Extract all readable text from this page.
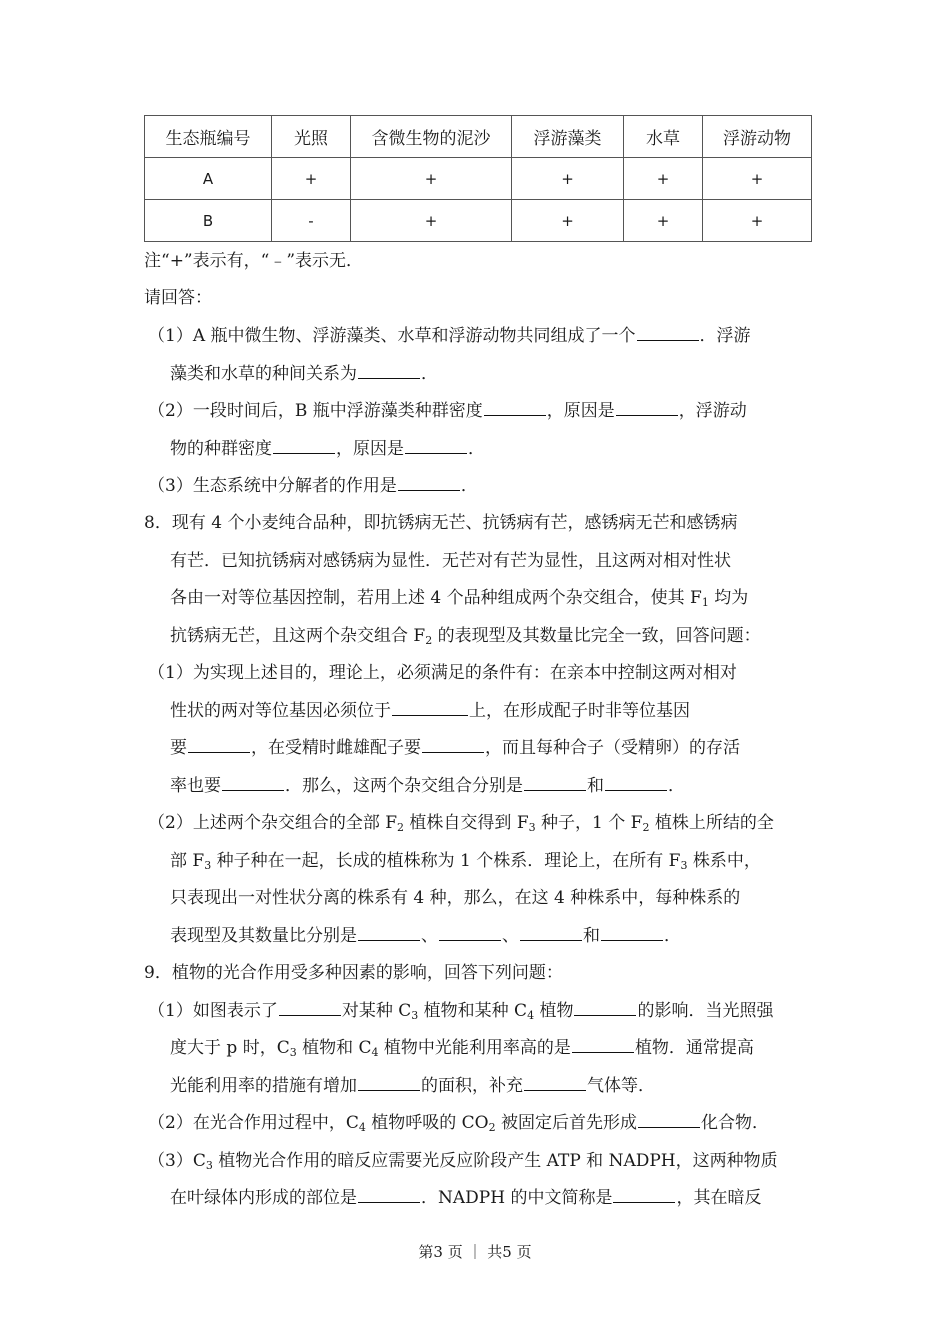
生态瓶编号	光照	含微生物的泥沙	浮游藻类	水草	浮游动物
A	+	+	+	+	+
B	-	+	+	+	+
注“+”表示有，“﹣”表示无．
请回答：
（1）A 瓶中微生物、浮游藻类、水草和浮游动物共同组成了一个	．浮游
藻类和水草的种间关系为	．
（2）一段时间后，B 瓶中浮游藻类种群密度	，原因是	，浮游动
物的种群密度	，原因是	．
（3）生态系统中分解者的作用是	．
8．现有 4 个小麦纯合品种，即抗锈病无芒、抗锈病有芒，感锈病无芒和感锈病
有芒．已知抗锈病对感锈病为显性．无芒对有芒为显性，且这两对相对性状
各由一对等位基因控制，若用上述 4 个品种组成两个杂交组合，使其 $F_1$ 均为
抗锈病无芒，且这两个杂交组合 $F_2$ 的表现型及其数量比完全一致，回答问题：
（1）为实现上述目的，理论上，必须满足的条件有：在亲本中控制这两对相对
性状的两对等位基因必须位于	上，在形成配子时非等位基因
要	，在受精时雌雄配子要	，而且每种合子（受精卵）的存活
率也要	．那么，这两个杂交组合分别是	和	．
（2）上述两个杂交组合的全部 $F_2$ 植株自交得到 $F_3$ 种子，1 个 $F_2$ 植株上所结的全
部 $F_3$ 种子种在一起，长成的植株称为 1 个株系．理论上，在所有 $F_3$ 株系中，
只表现出一对性状分离的株系有 4 种，那么，在这 4 种株系中，每种株系的
表现型及其数量比分别是	、	、	和	．
9．植物的光合作用受多种因素的影响，回答下列问题：
（1）如图表示了	对某种 $C_3$ 植物和某种 $C_4$ 植物	的影响．当光照强
度大于 p 时，$C_3$ 植物和 $C_4$ 植物中光能利用率高的是	植物．通常提高
光能利用率的措施有增加	的面积，补充	气体等．
（2）在光合作用过程中，$C_4$ 植物呼吸的 $CO_2$ 被固定后首先形成	化合物．
$(3)C_3$ 植物光合作用的暗反应需要光反应阶段产生 ATP 和 NADPH，这两种物质
在叶绿体内形成的部位是	．NADPH 的中文简称是	，其在暗反
第3 页 ｜ 共5 页
